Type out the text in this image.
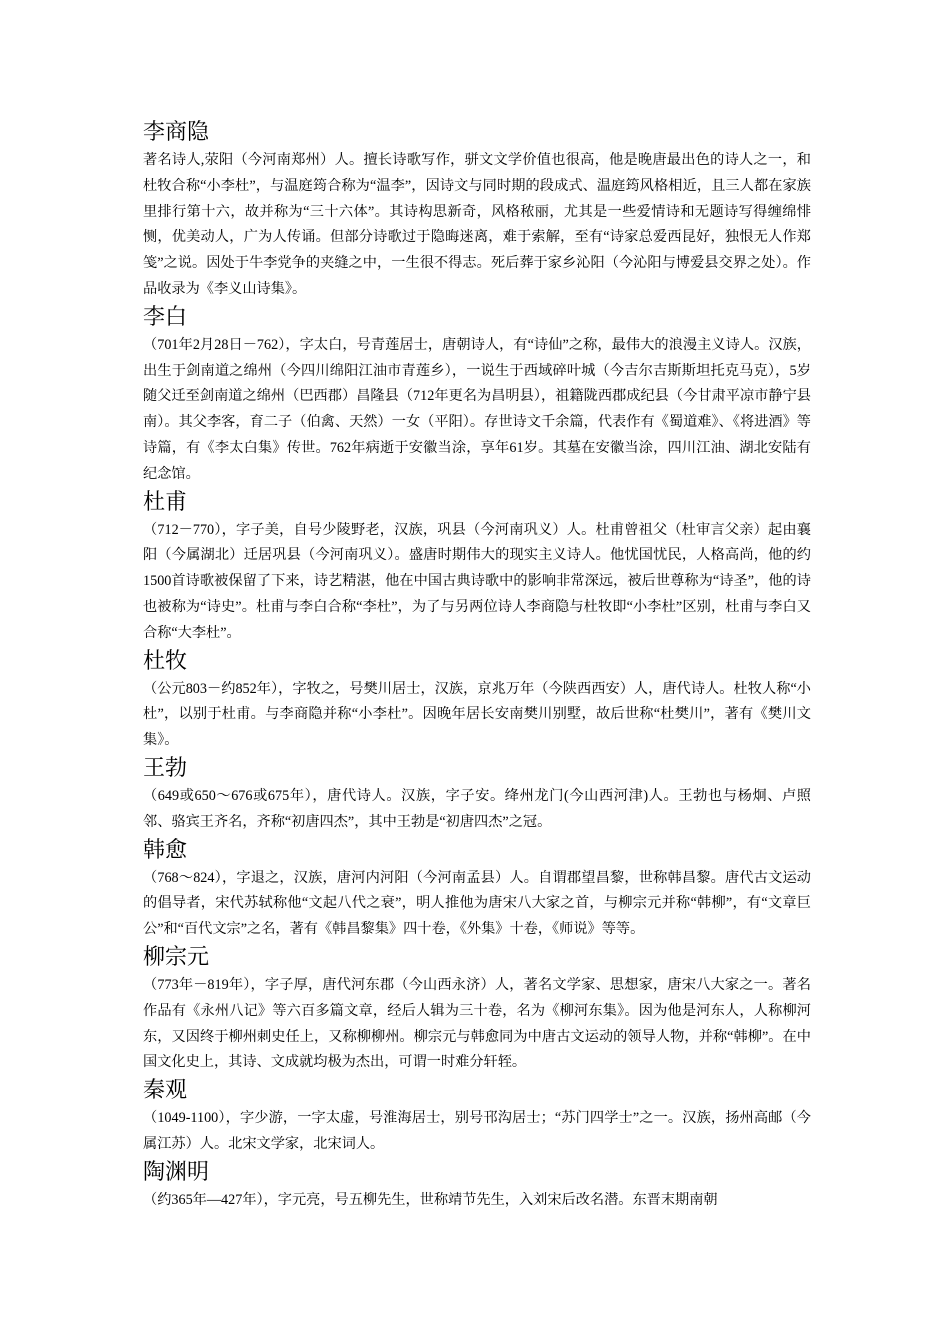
李商隐

著名诗人,荥阳（今河南郑州）人。擅长诗歌写作，骈文文学价值也很高，他是晚唐最出色的诗人之一，和杜牧合称“小李杜”，与温庭筠合称为“温李”，因诗文与同时期的段成式、温庭筠风格相近，且三人都在家族里排行第十六，故并称为“三十六体”。其诗构思新奇，风格秾丽，尤其是一些爱情诗和无题诗写得缠绵悱恻，优美动人，广为人传诵。但部分诗歌过于隐晦迷离，难于索解，至有“诗家总爱西昆好，独恨无人作郑笺”之说。因处于牛李党争的夹缝之中，一生很不得志。死后葬于家乡沁阳（今沁阳与博爱县交界之处）。作品收录为《李义山诗集》。

李白

（701年2月28日－762），字太白，号青莲居士，唐朝诗人，有“诗仙”之称，最伟大的浪漫主义诗人。汉族，出生于剑南道之绵州（今四川绵阳江油市青莲乡），一说生于西域碎叶城（今吉尔吉斯斯坦托克马克），5岁随父迁至剑南道之绵州（巴西郡）昌隆县（712年更名为昌明县），祖籍陇西郡成纪县（今甘肃平凉市静宁县南）。其父李客，育二子（伯禽、天然）一女（平阳）。存世诗文千余篇，代表作有《蜀道难》、《将进酒》等诗篇，有《李太白集》传世。762年病逝于安徽当涂，享年61岁。其墓在安徽当涂，四川江油、湖北安陆有纪念馆。

杜甫

（712－770），字子美，自号少陵野老，汉族，巩县（今河南巩义）人。杜甫曾祖父（杜审言父亲）起由襄阳（今属湖北）迁居巩县（今河南巩义）。盛唐时期伟大的现实主义诗人。他忧国忧民，人格高尚，他的约1500首诗歌被保留了下来，诗艺精湛，他在中国古典诗歌中的影响非常深远，被后世尊称为“诗圣”，他的诗也被称为“诗史”。杜甫与李白合称“李杜”，为了与另两位诗人李商隐与杜牧即“小李杜”区别，杜甫与李白又合称“大李杜”。

杜牧

（公元803－约852年），字牧之，号樊川居士，汉族，京兆万年（今陕西西安）人，唐代诗人。杜牧人称“小杜”，以别于杜甫。与李商隐并称“小李杜”。因晚年居长安南樊川别墅，故后世称“杜樊川”，著有《樊川文集》。

王勃

（649或650～676或675年），唐代诗人。汉族，字子安。绛州龙门(今山西河津)人。王勃也与杨炯、卢照邻、骆宾王齐名，齐称“初唐四杰”，其中王勃是“初唐四杰”之冠。

韩愈

（768～824），字退之，汉族，唐河内河阳（今河南孟县）人。自谓郡望昌黎，世称韩昌黎。唐代古文运动的倡导者，宋代苏轼称他“文起八代之衰”，明人推他为唐宋八大家之首，与柳宗元并称“韩柳”，有“文章巨公”和“百代文宗”之名，著有《韩昌黎集》四十卷，《外集》十卷，《师说》等等。

柳宗元

（773年－819年），字子厚，唐代河东郡（今山西永济）人，著名文学家、思想家，唐宋八大家之一。著名作品有《永州八记》等六百多篇文章，经后人辑为三十卷，名为《柳河东集》。因为他是河东人，人称柳河东，又因终于柳州刺史任上，又称柳柳州。柳宗元与韩愈同为中唐古文运动的领导人物，并称“韩柳”。在中国文化史上，其诗、文成就均极为杰出，可谓一时难分轩轾。

秦观

（1049-1100），字少游，一字太虚，号淮海居士，别号邗沟居士；“苏门四学士”之一。汉族，扬州高邮（今属江苏）人。北宋文学家，北宋词人。

陶渊明

（约365年—427年），字元亮，号五柳先生，世称靖节先生，入刘宋后改名潜。东晋末期南朝
